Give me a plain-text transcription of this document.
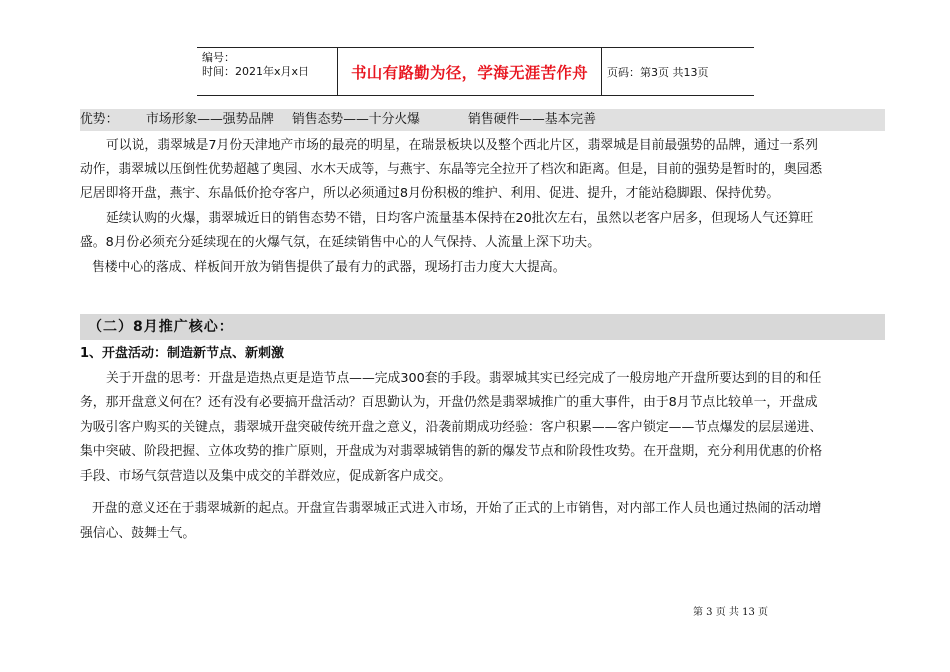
编号：
时间：2021年x月x日	书山有路勤为径，学海无涯苦作舟 页码：第3页 共13页
优势： 市场形象——强势品牌 销售态势——十分火爆	销售硬件——基本完善
可以说，翡翠城是7月份天津地产市场的最亮的明星，在瑞景板块以及整个西北片区，翡翠城是目前最强势的品牌，通过一系列
动作，翡翠城以压倒性优势超越了奥园、水木天成等，与燕宇、东晶等完全拉开了档次和距离。但是，目前的强势是暂时的，奥园悉
尼居即将开盘，燕宇、东晶低价抢夺客户，所以必须通过8月份积极的维护、利用、促进、提升，才能站稳脚跟、保持优势。
延续认购的火爆，翡翠城近日的销售态势不错，日均客户流量基本保持在20批次左右，虽然以老客户居多，但现场人气还算旺
盛。8月份必须充分延续现在的火爆气氛，在延续销售中心的人气保持、人流量上深下功夫。
售楼中心的落成、样板间开放为销售提供了最有力的武器，现场打击力度大大提高。
（二）8月推广核心：
1、开盘活动：制造新节点、新刺激
关于开盘的思考：开盘是造热点更是造节点——完成300套的手段。翡翠城其实已经完成了一般房地产开盘所要达到的目的和任
务，那开盘意义何在？还有没有必要搞开盘活动？百思勤认为，开盘仍然是翡翠城推广的重大事件，由于8月节点比较单一，开盘成
为吸引客户购买的关键点，翡翠城开盘突破传统开盘之意义，沿袭前期成功经验：客户积累——客户锁定——节点爆发的层层递进、
集中突破、阶段把握、立体攻势的推广原则，开盘成为对翡翠城销售的新的爆发节点和阶段性攻势。在开盘期，充分利用优惠的价格
手段、市场气氛营造以及集中成交的羊群效应，促成新客户成交。
开盘的意义还在于翡翠城新的起点。开盘宣告翡翠城正式进入市场，开始了正式的上市销售，对内部工作人员也通过热闹的活动增
强信心、鼓舞士气。
第 3 页 共 13 页
